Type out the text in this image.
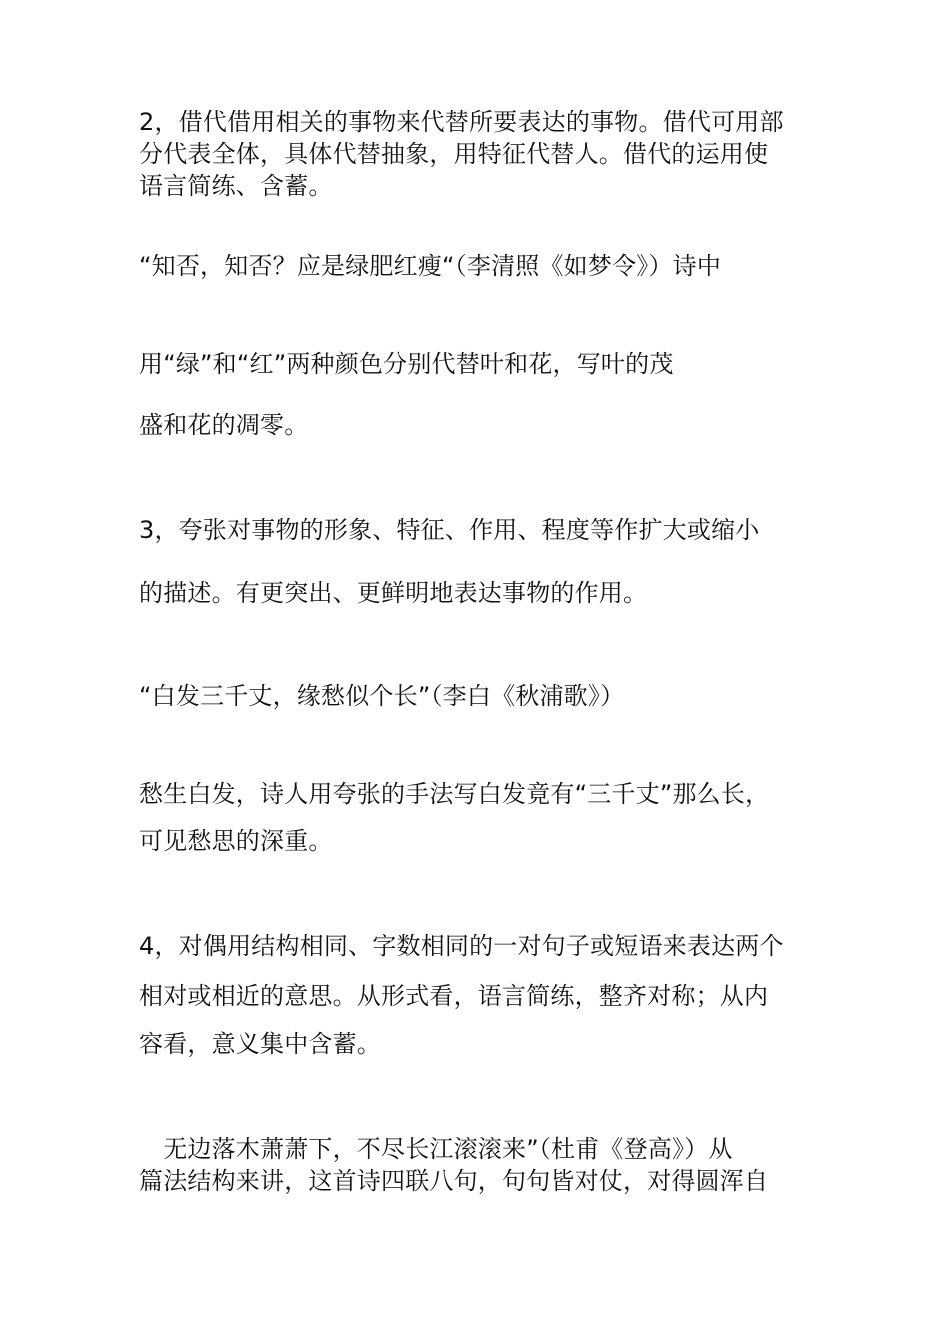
2，借代借用相关的事物来代替所要表达的事物。借代可用部
分代表全体，具体代替抽象，用特征代替人。借代的运用使
语言简练、含蓄。
“知否，知否？应是绿肥红瘦“（李清照《如梦令》）诗中
用“绿”和“红”两种颜色分别代替叶和花，写叶的茂
盛和花的凋零。
3，夸张对事物的形象、特征、作用、程度等作扩大或缩小
的描述。有更突出、更鲜明地表达事物的作用。
“白发三千丈，缘愁似个长”（李白《秋浦歌》）
愁生白发，诗人用夸张的手法写白发竟有“三千丈”那么长，
可见愁思的深重。
4，对偶用结构相同、字数相同的一对句子或短语来表达两个
相对或相近的意思。从形式看，语言简练，整齐对称；从内
容看，意义集中含蓄。
　无边落木萧萧下，不尽长江滚滚来”（杜甫《登高》）从
篇法结构来讲，这首诗四联八句，句句皆对仗，对得圆浑自
